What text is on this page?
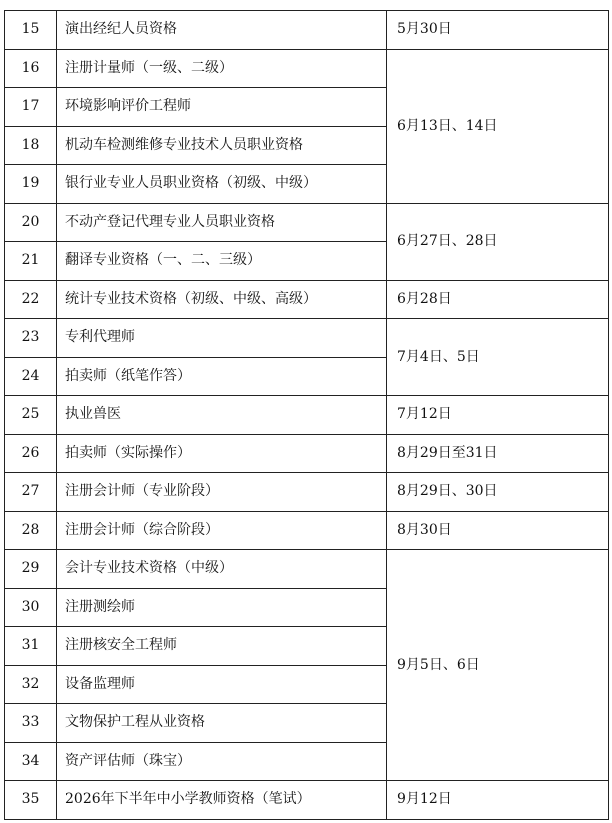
15	演出经纪人员资格	5月30日
16	注册计量师（一级、二级）	6月13日、14日
17	环境影响评价工程师	
18	机动车检测维修专业技术人员职业资格	
19	银行业专业人员职业资格（初级、中级）	
20	不动产登记代理专业人员职业资格	6月27日、28日
21	翻译专业资格（一、二、三级）	
22	统计专业技术资格（初级、中级、高级）	6月28日
23	专利代理师	7月4日、5日
24	拍卖师（纸笔作答）	
25	执业兽医	7月12日
26	拍卖师（实际操作）	8月29日至31日
27	注册会计师（专业阶段）	8月29日、30日
28	注册会计师（综合阶段）	8月30日
29	会计专业技术资格（中级）	9月5日、6日
30	注册测绘师	
31	注册核安全工程师	
32	设备监理师	
33	文物保护工程从业资格	
34	资产评估师（珠宝）	
35	2026年下半年中小学教师资格（笔试）	9月12日
